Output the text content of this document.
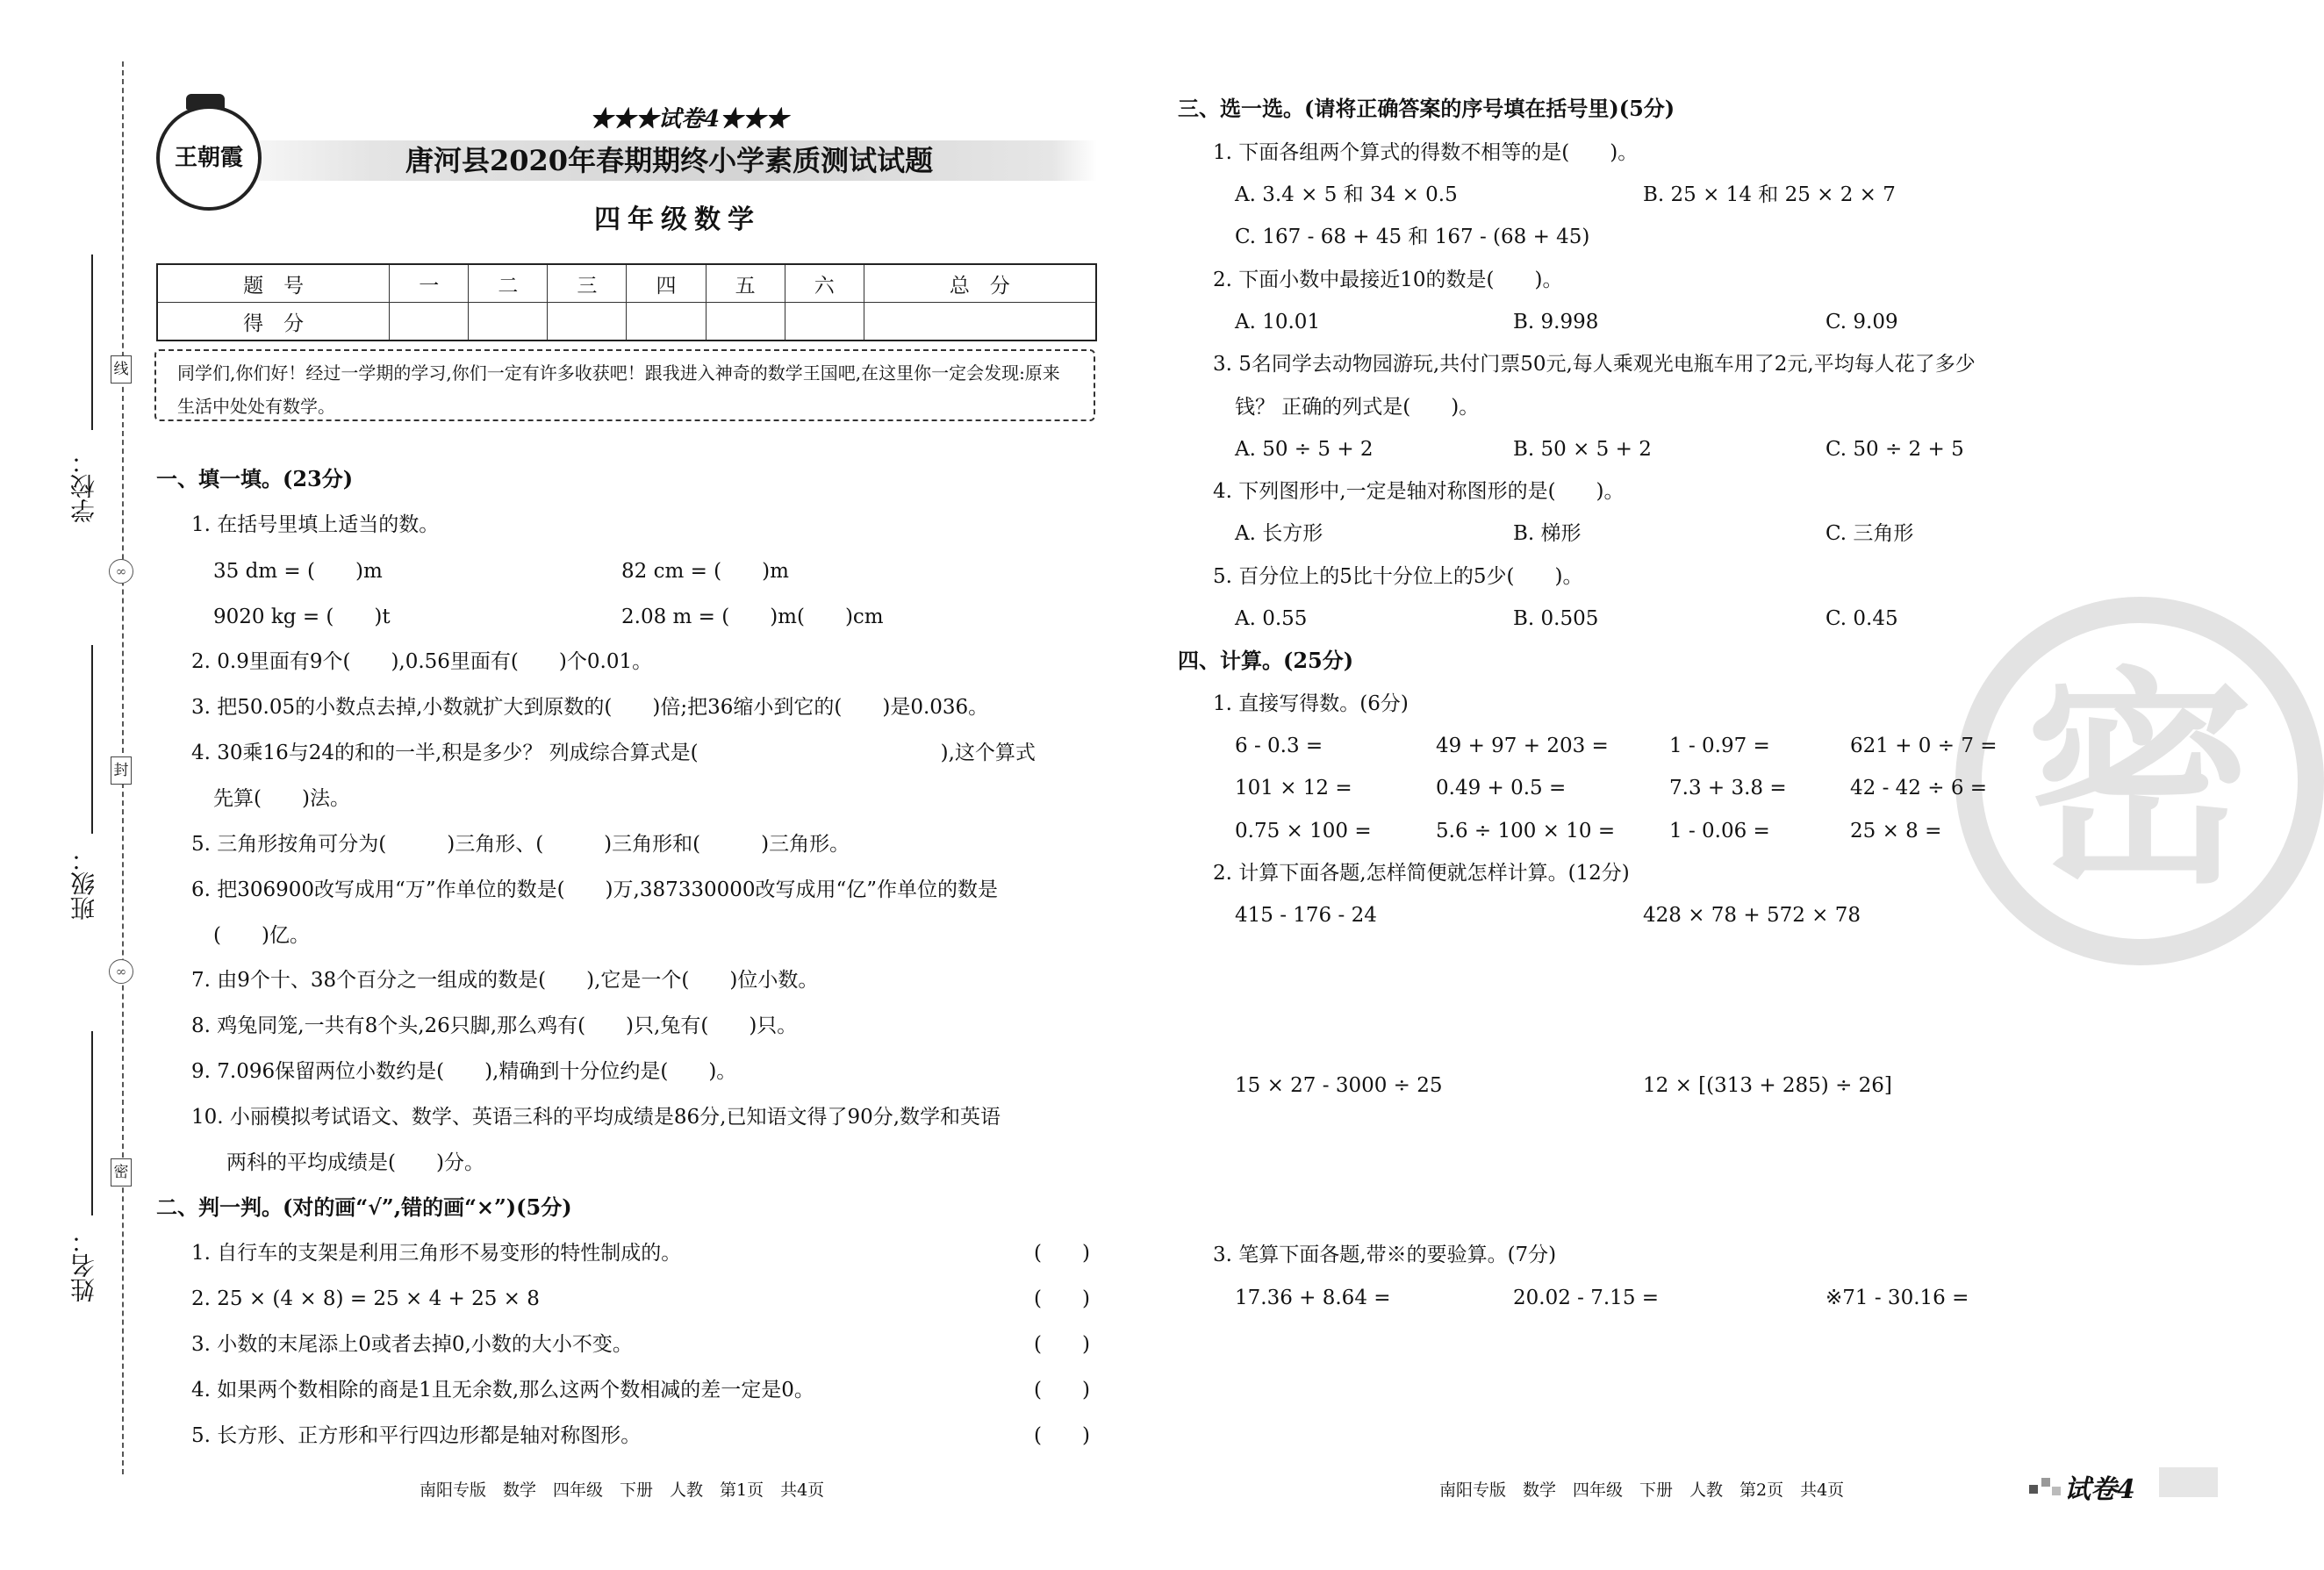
学校：
班级：
姓名：
线
封
密
∞
∞
王朝霞
★★★试卷4★★★
唐河县2020年春期期终小学素质测试试题
四年级数学
题　号	一	二	三	四	五	六	总　分
得　分							
同学们,你们好！经过一学期的学习,你们一定有许多收获吧！跟我进入神奇的数学王国吧,在这里你一定会发现:原来生活中处处有数学。
一、填一填。(23分)
1. 在括号里填上适当的数。
35 dm = (　　)m	82 cm = (　　)m
9020 kg = (　　)t	2.08 m = (　　)m(　　)cm
2. 0.9里面有9个(　　),0.56里面有(　　)个0.01。
3. 把50.05的小数点去掉,小数就扩大到原数的(　　)倍;把36缩小到它的(　　)是0.036。
4. 30乘16与24的和的一半,积是多少？ 列成综合算式是(　　　　　　　　　　　　),这个算式
先算(　　)法。
5. 三角形按角可分为(　　　)三角形、(　　　)三角形和(　　　)三角形。
6. 把306900改写成用“万”作单位的数是(　　)万,387330000改写成用“亿”作单位的数是
(　　)亿。
7. 由9个十、38个百分之一组成的数是(　　),它是一个(　　)位小数。
8. 鸡兔同笼,一共有8个头,26只脚,那么鸡有(　　)只,兔有(　　)只。
9. 7.096保留两位小数约是(　　),精确到十分位约是(　　)。
10. 小丽模拟考试语文、数学、英语三科的平均成绩是86分,已知语文得了90分,数学和英语
两科的平均成绩是(　　)分。
二、判一判。(对的画“√”,错的画“×”)(5分)
1. 自行车的支架是利用三角形不易变形的特性制成的。	(　　)
2. 25 × (4 × 8) = 25 × 4 + 25 × 8	(　　)
3. 小数的末尾添上0或者去掉0,小数的大小不变。	(　　)
4. 如果两个数相除的商是1且无余数,那么这两个数相减的差一定是0。	(　　)
5. 长方形、正方形和平行四边形都是轴对称图形。	(　　)
密
三、选一选。(请将正确答案的序号填在括号里)(5分)
1. 下面各组两个算式的得数不相等的是(　　)。
A. 3.4 × 5 和 34 × 0.5	B. 25 × 14 和 25 × 2 × 7
C. 167 - 68 + 45 和 167 - (68 + 45)
2. 下面小数中最接近10的数是(　　)。
A. 10.01	B. 9.998	C. 9.09
3. 5名同学去动物园游玩,共付门票50元,每人乘观光电瓶车用了2元,平均每人花了多少
钱？ 正确的列式是(　　)。
A. 50 ÷ 5 + 2	B. 50 × 5 + 2	C. 50 ÷ 2 + 5
4. 下列图形中,一定是轴对称图形的是(　　)。
A. 长方形	B. 梯形	C. 三角形
5. 百分位上的5比十分位上的5少(　　)。
A. 0.55	B. 0.505	C. 0.45
四、计算。(25分)
1. 直接写得数。(6分)
6 - 0.3 =	49 + 97 + 203 =	1 - 0.97 =	621 + 0 ÷ 7 =
101 × 12 =	0.49 + 0.5 =	7.3 + 3.8 =	42 - 42 ÷ 6 =
0.75 × 100 =	5.6 ÷ 100 × 10 =	1 - 0.06 =	25 × 8 =
2. 计算下面各题,怎样简便就怎样计算。(12分)
415 - 176 - 24	428 × 78 + 572 × 78
15 × 27 - 3000 ÷ 25	12 × [(313 + 285) ÷ 26]
3. 笔算下面各题,带※的要验算。(7分)
17.36 + 8.64 =	20.02 - 7.15 =	※71 - 30.16 =
南阳专版　数学　四年级　下册　人教　第1页　共4页	南阳专版　数学　四年级　下册　人教　第2页　共4页	试卷4
